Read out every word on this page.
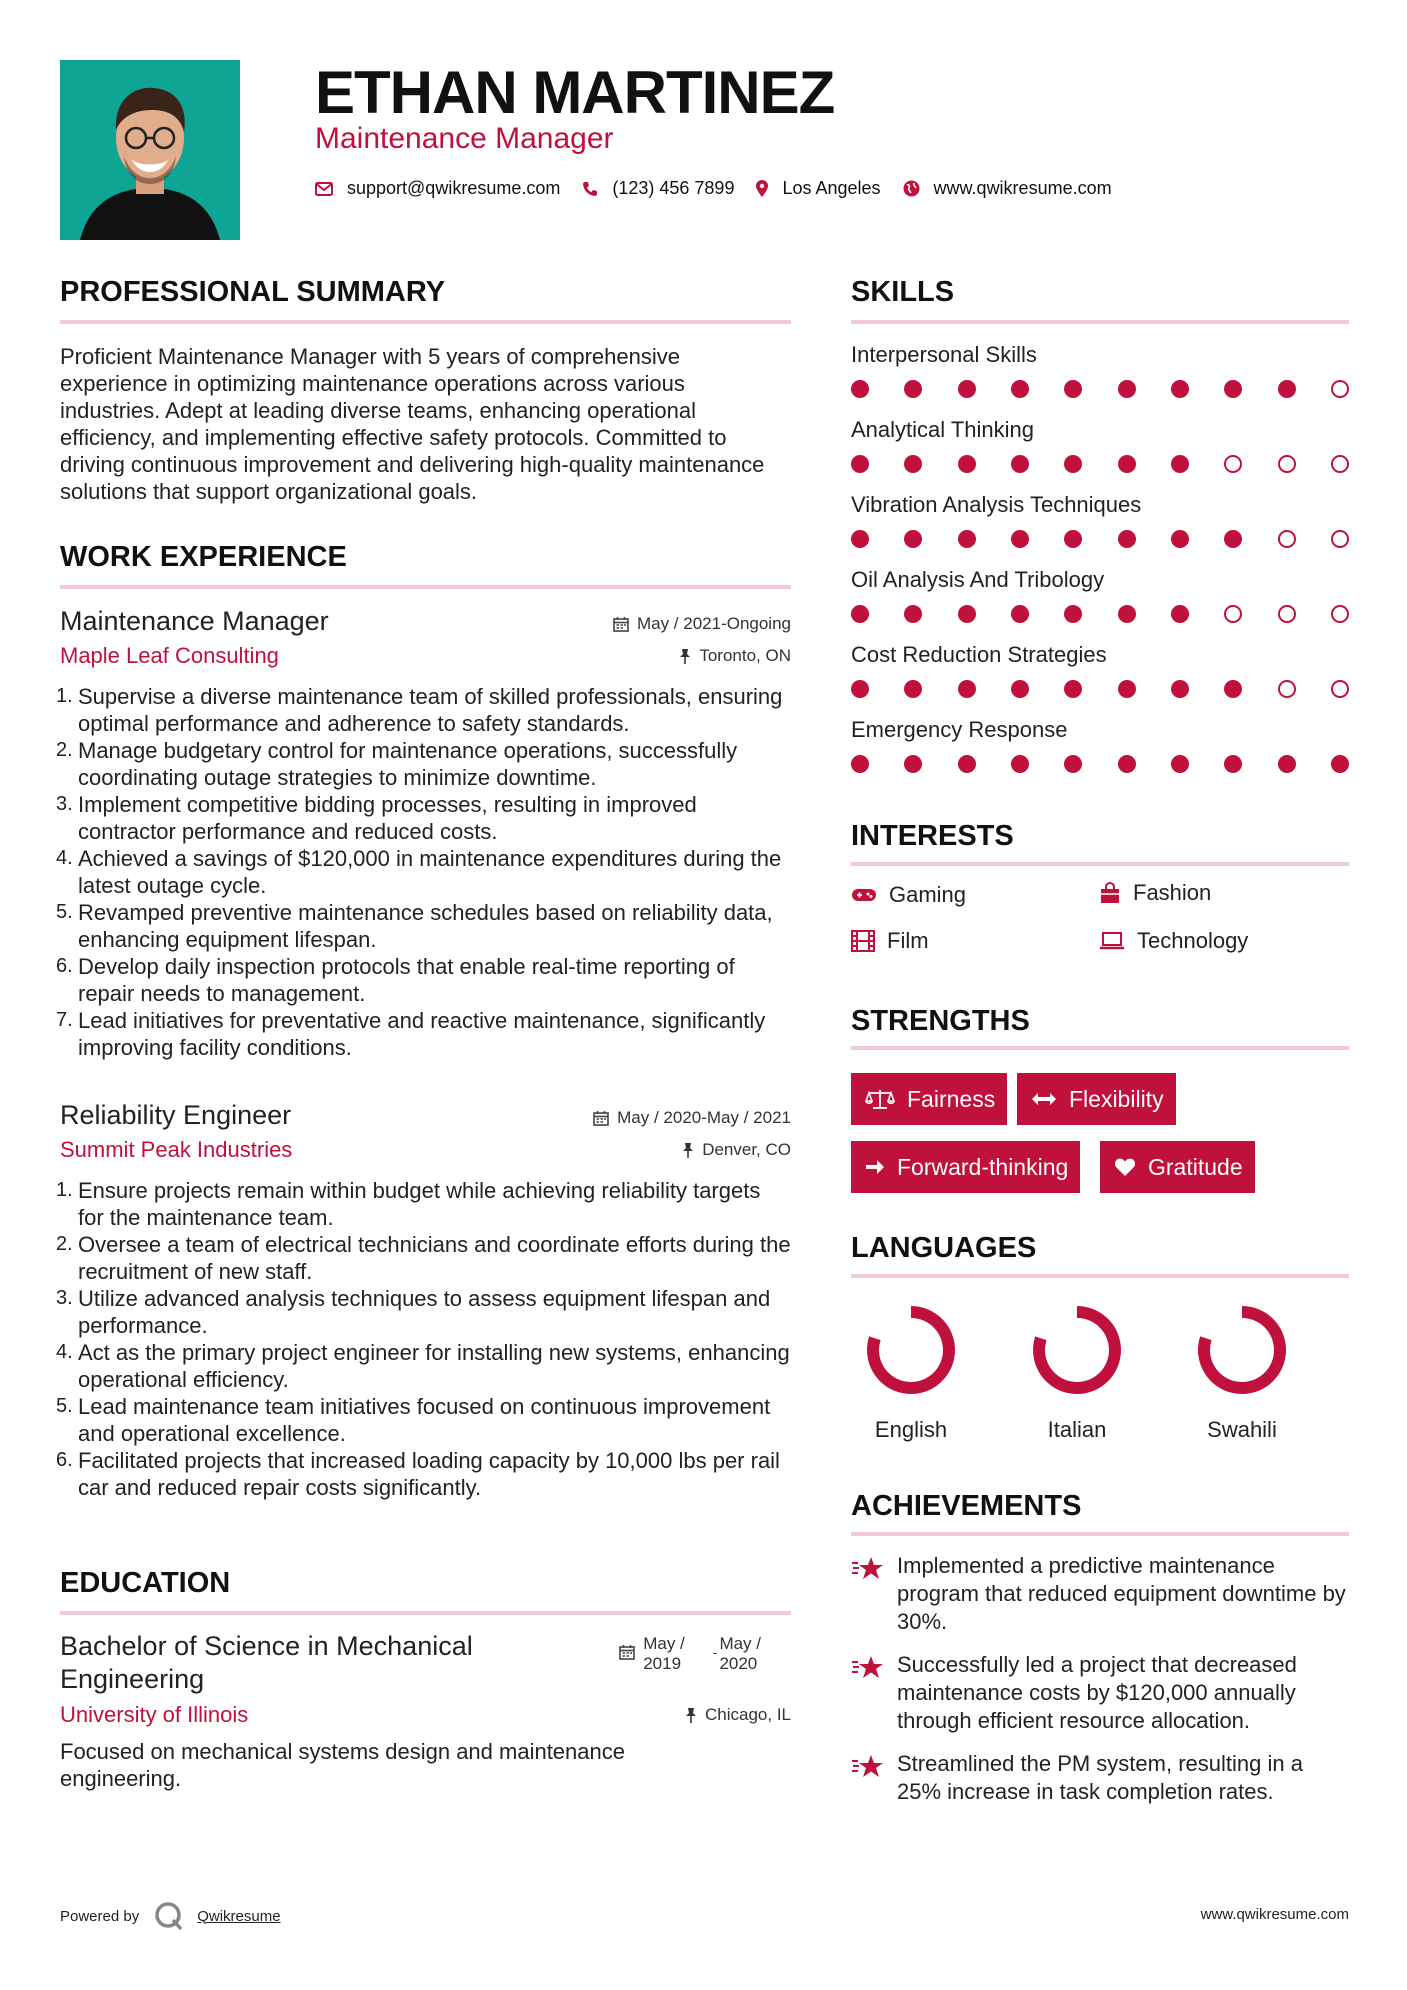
ETHAN MARTINEZ
Maintenance Manager
support@qwikresume.com	(123) 456 7899	Los Angeles	www.qwikresume.com
PROFESSIONAL SUMMARY
Proficient Maintenance Manager with 5 years of comprehensive experience in optimizing maintenance operations across various industries. Adept at leading diverse teams, enhancing operational efficiency, and implementing effective safety protocols. Committed to driving continuous improvement and delivering high-quality maintenance solutions that support organizational goals.
WORK EXPERIENCE
Maintenance Manager	May / 2021-Ongoing
Maple Leaf Consulting	Toronto, ON
1. Supervise a diverse maintenance team of skilled professionals, ensuring optimal performance and adherence to safety standards.
2. Manage budgetary control for maintenance operations, successfully coordinating outage strategies to minimize downtime.
3. Implement competitive bidding processes, resulting in improved contractor performance and reduced costs.
4. Achieved a savings of $120,000 in maintenance expenditures during the latest outage cycle.
5. Revamped preventive maintenance schedules based on reliability data, enhancing equipment lifespan.
6. Develop daily inspection protocols that enable real-time reporting of repair needs to management.
7. Lead initiatives for preventative and reactive maintenance, significantly improving facility conditions.
Reliability Engineer	May / 2020-May / 2021
Summit Peak Industries	Denver, CO
1. Ensure projects remain within budget while achieving reliability targets for the maintenance team.
2. Oversee a team of electrical technicians and coordinate efforts during the recruitment of new staff.
3. Utilize advanced analysis techniques to assess equipment lifespan and performance.
4. Act as the primary project engineer for installing new systems, enhancing operational efficiency.
5. Lead maintenance team initiatives focused on continuous improvement and operational excellence.
6. Facilitated projects that increased loading capacity by 10,000 lbs per rail car and reduced repair costs significantly.
EDUCATION
Bachelor of Science in Mechanical
Engineering
May /
2019
- May /
2020
University of Illinois	Chicago, IL
Focused on mechanical systems design and maintenance engineering.
SKILLS
Interpersonal Skills
Analytical Thinking
Vibration Analysis Techniques
Oil Analysis And Tribology
Cost Reduction Strategies
Emergency Response
INTERESTS
Gaming	Fashion
Film	Technology
STRENGTHS
Fairness	Flexibility
Forward-thinking	Gratitude
LANGUAGES
English	Italian	Swahili
ACHIEVEMENTS
Implemented a predictive maintenance program that reduced equipment downtime by 30%.
Successfully led a project that decreased maintenance costs by $120,000 annually through efficient resource allocation.
Streamlined the PM system, resulting in a 25% increase in task completion rates.
Powered by	Qwikresume	www.qwikresume.com
